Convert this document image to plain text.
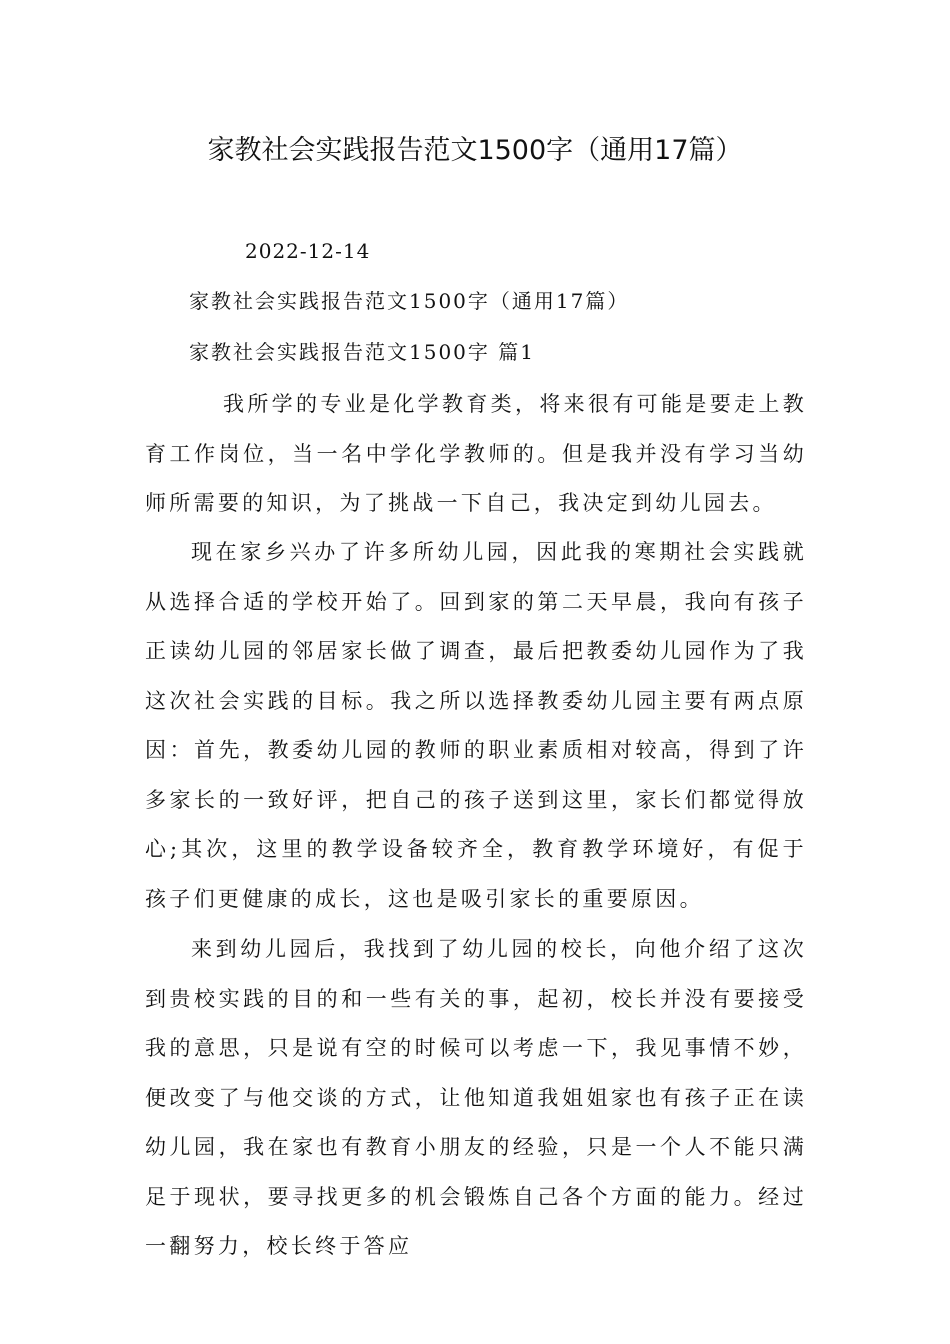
家教社会实践报告范文1500字（通用17篇）
2022-12-14
家教社会实践报告范文1500字（通用17篇）
家教社会实践报告范文1500字 篇1

我所学的专业是化学教育类，将来很有可能是要走上教育工作岗位，当一名中学化学教师的。但是我并没有学习当幼师所需要的知识，为了挑战一下自己，我决定到幼儿园去。

现在家乡兴办了许多所幼儿园，因此我的寒期社会实践就从选择合适的学校开始了。回到家的第二天早晨，我向有孩子正读幼儿园的邻居家长做了调查，最后把教委幼儿园作为了我这次社会实践的目标。我之所以选择教委幼儿园主要有两点原因：首先，教委幼儿园的教师的职业素质相对较高，得到了许多家长的一致好评，把自己的孩子送到这里，家长们都觉得放心;其次，这里的教学设备较齐全，教育教学环境好，有促于孩子们更健康的成长，这也是吸引家长的重要原因。

来到幼儿园后，我找到了幼儿园的校长，向他介绍了这次到贵校实践的目的和一些有关的事，起初，校长并没有要接受我的意思，只是说有空的时候可以考虑一下，我见事情不妙，便改变了与他交谈的方式，让他知道我姐姐家也有孩子正在读幼儿园，我在家也有教育小朋友的经验，只是一个人不能只满足于现状，要寻找更多的机会锻炼自己各个方面的能力。经过一翻努力，校长终于答应
